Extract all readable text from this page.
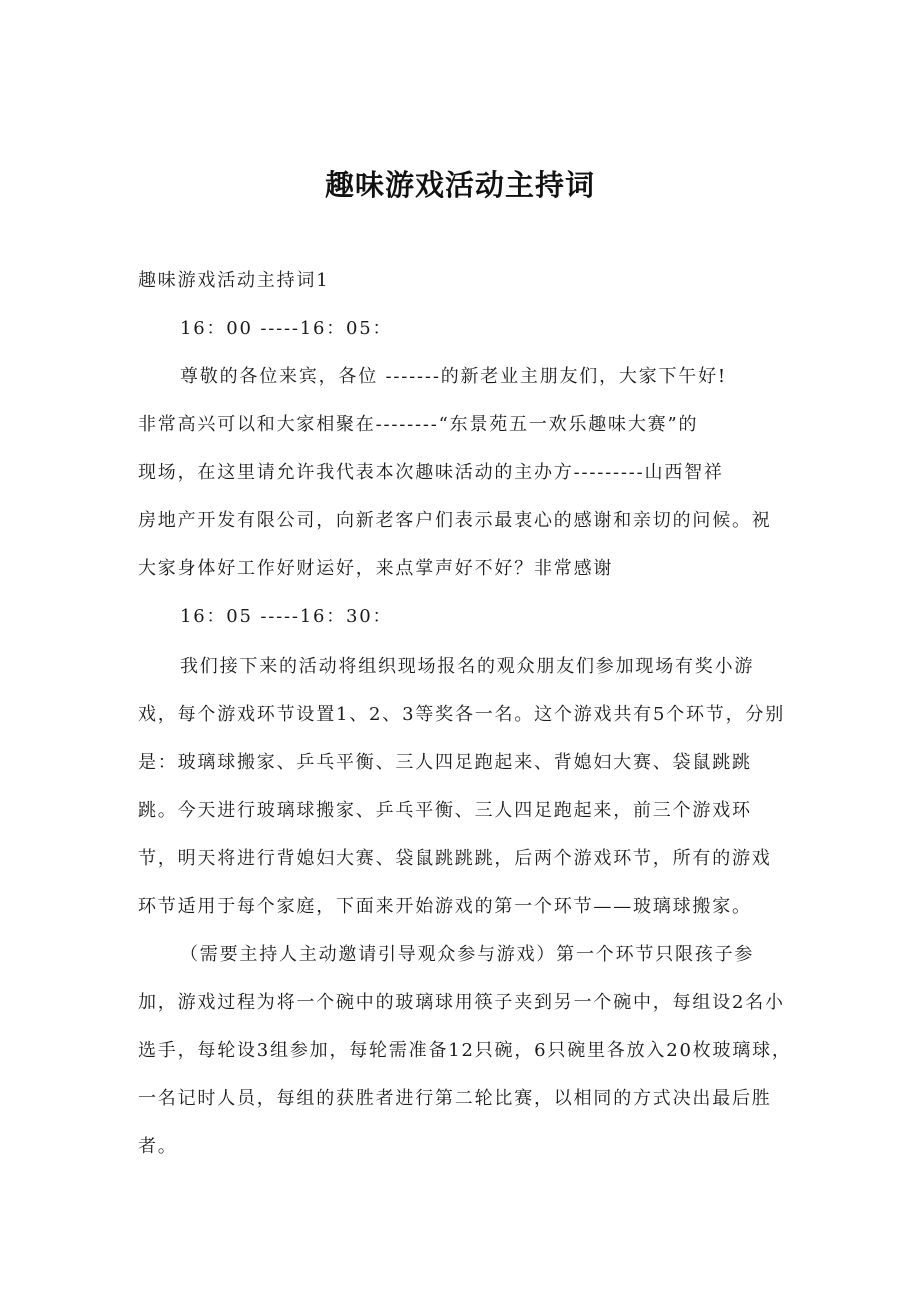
趣味游戏活动主持词
趣味游戏活动主持词1
16：00 -----16：05：
尊敬的各位来宾，各位 -------的新老业主朋友们，大家下午好!
非常高兴可以和大家相聚在--------“东景苑五一欢乐趣味大赛”的
现场，在这里请允许我代表本次趣味活动的主办方---------山西智祥
房地产开发有限公司，向新老客户们表示最衷心的感谢和亲切的问候。祝
大家身体好工作好财运好，来点掌声好不好？非常感谢
16：05 -----16：30：
我们接下来的活动将组织现场报名的观众朋友们参加现场有奖小游
戏，每个游戏环节设置1、2、3等奖各一名。这个游戏共有5个环节，分别
是：玻璃球搬家、乒乓平衡、三人四足跑起来、背媳妇大赛、袋鼠跳跳
跳。今天进行玻璃球搬家、乒乓平衡、三人四足跑起来，前三个游戏环
节，明天将进行背媳妇大赛、袋鼠跳跳跳，后两个游戏环节，所有的游戏
环节适用于每个家庭，下面来开始游戏的第一个环节——玻璃球搬家。
（需要主持人主动邀请引导观众参与游戏）第一个环节只限孩子参
加，游戏过程为将一个碗中的玻璃球用筷子夹到另一个碗中，每组设2名小
选手，每轮设3组参加，每轮需准备12只碗，6只碗里各放入20枚玻璃球，
一名记时人员，每组的获胜者进行第二轮比赛，以相同的方式决出最后胜
者。
